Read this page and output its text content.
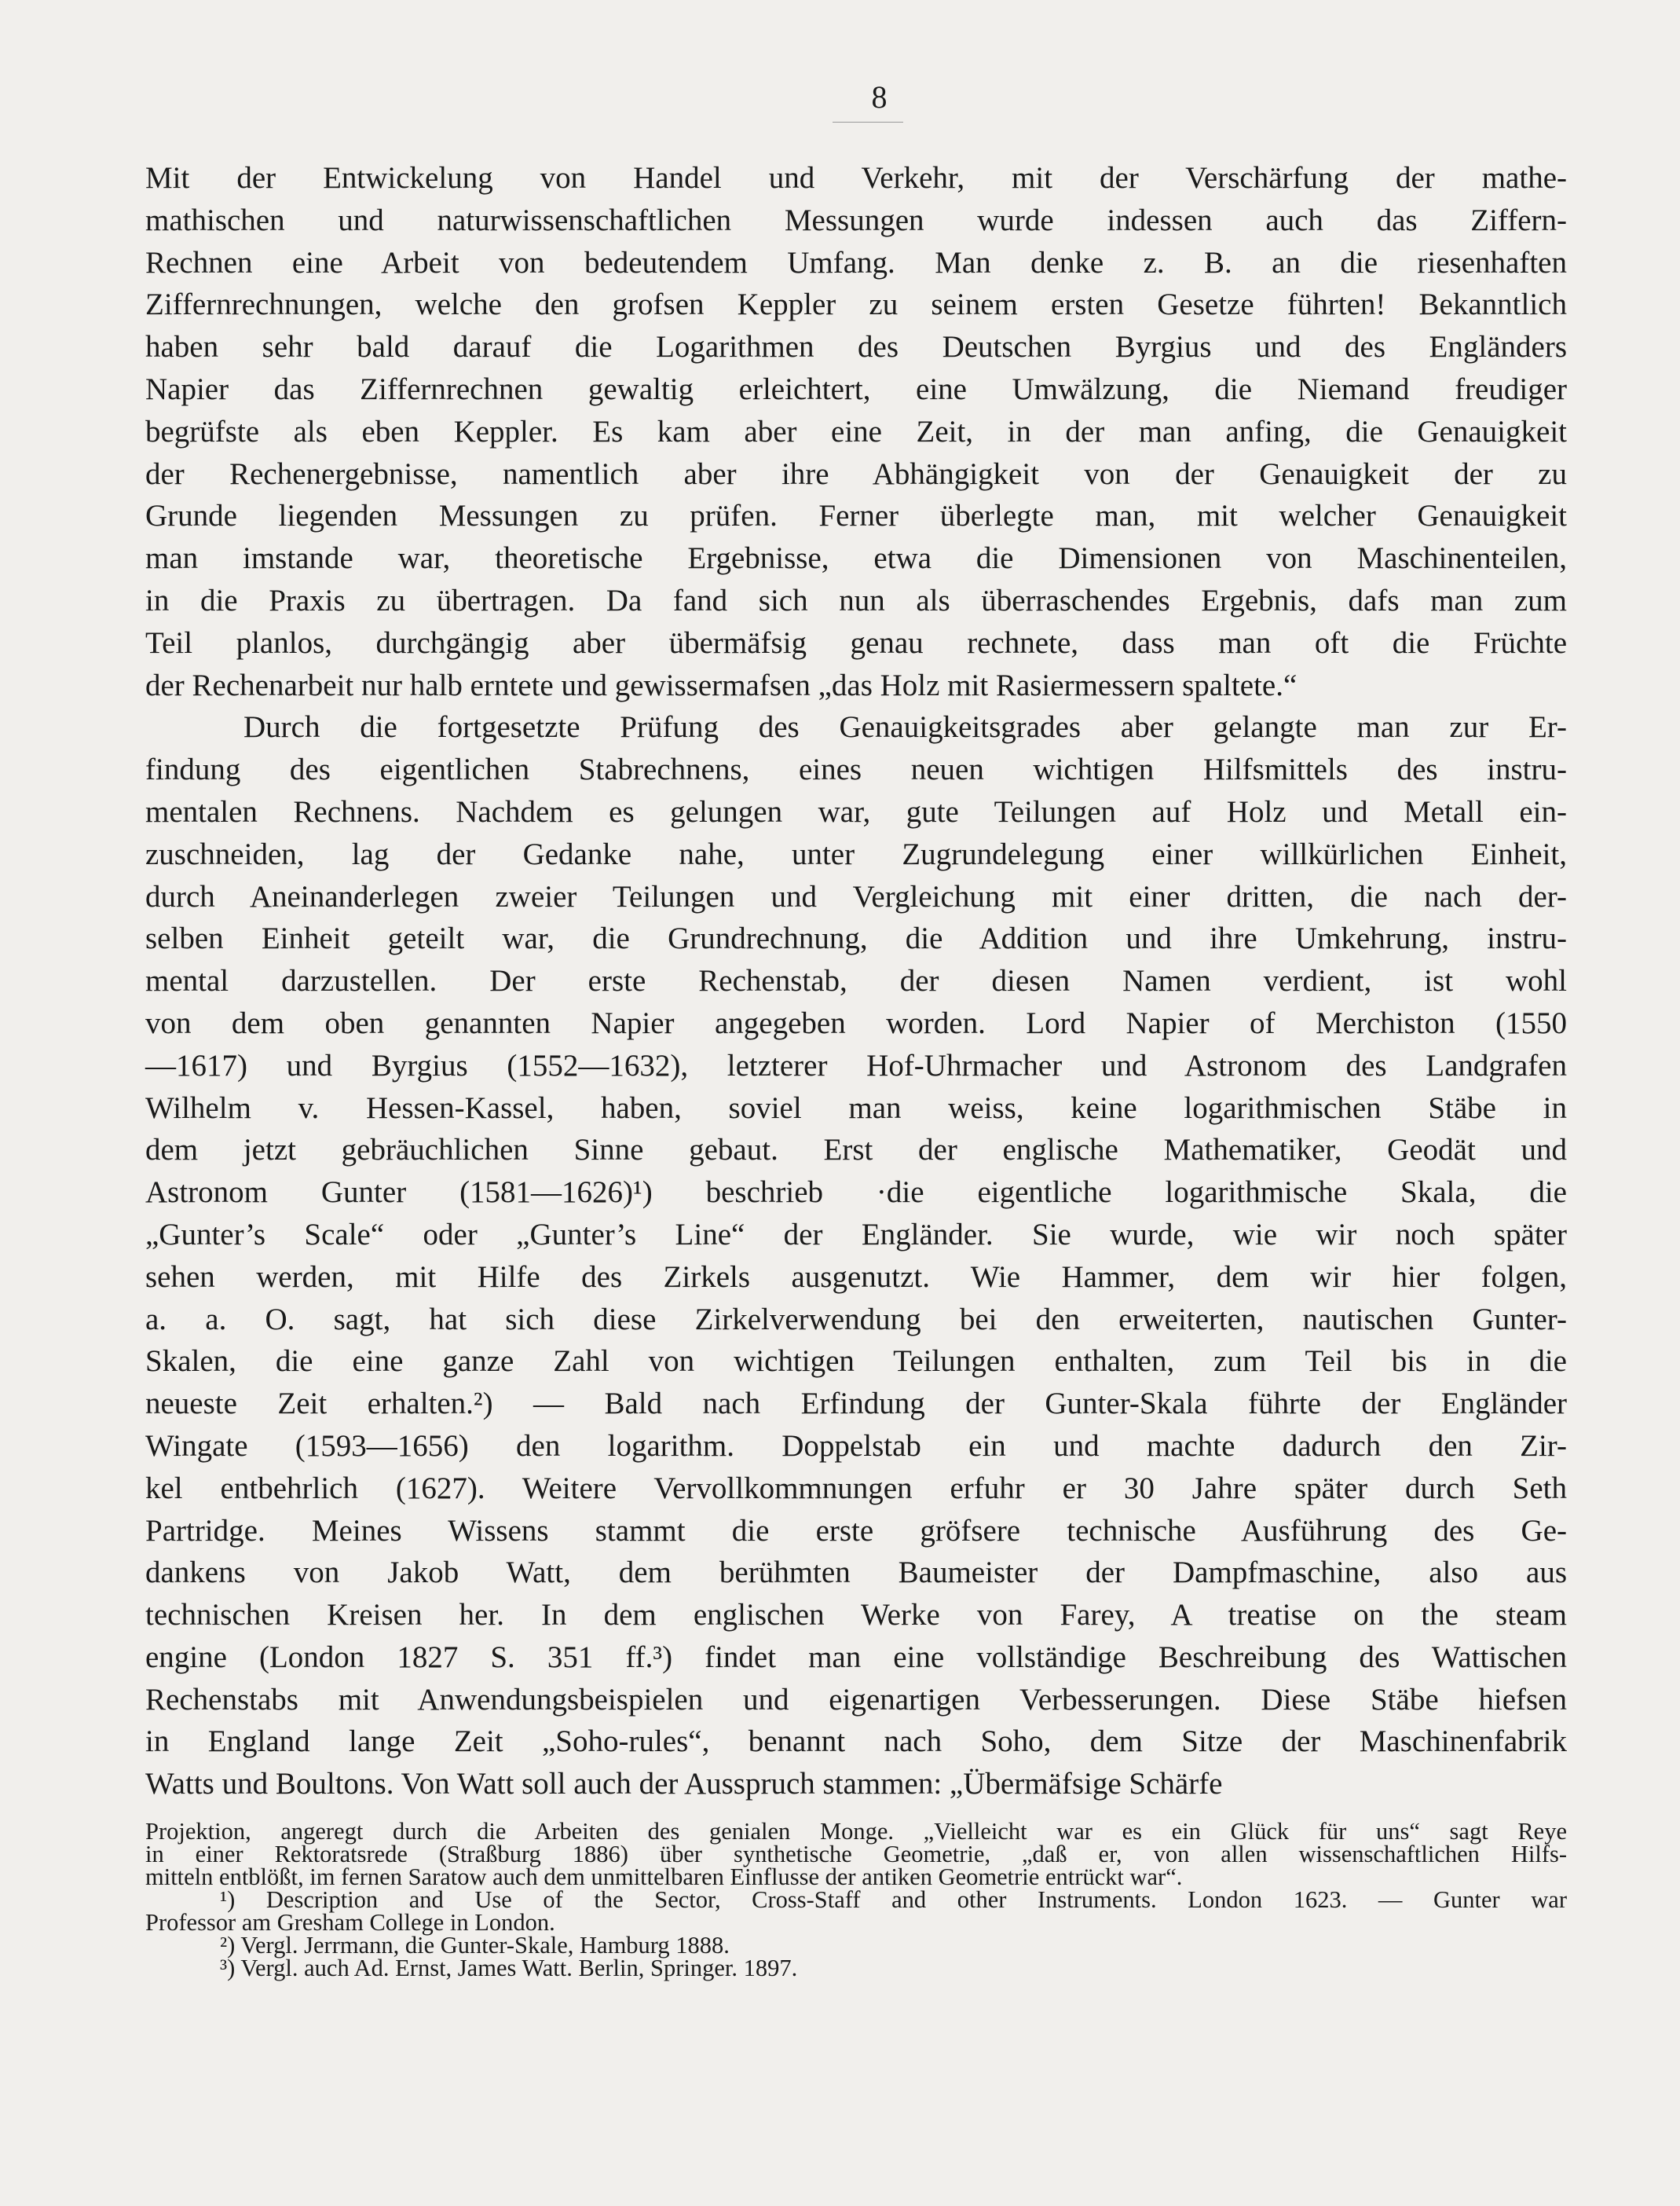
8
Mit der Entwickelung von Handel und Verkehr, mit der Verschärfung der mathe-
mathischen und naturwissenschaftlichen Messungen wurde indessen auch das Ziffern-
Rechnen eine Arbeit von bedeutendem Umfang. Man denke z. B. an die riesenhaften
Ziffernrechnungen, welche den grofsen Keppler zu seinem ersten Gesetze führten! Bekanntlich
haben sehr bald darauf die Logarithmen des Deutschen Byrgius und des Engländers
Napier das Ziffernrechnen gewaltig erleichtert, eine Umwälzung, die Niemand freudiger
begrüfste als eben Keppler. Es kam aber eine Zeit, in der man anfing, die Genauigkeit
der Rechenergebnisse, namentlich aber ihre Abhängigkeit von der Genauigkeit der zu
Grunde liegenden Messungen zu prüfen. Ferner überlegte man, mit welcher Genauigkeit
man imstande war, theoretische Ergebnisse, etwa die Dimensionen von Maschinenteilen,
in die Praxis zu übertragen. Da fand sich nun als überraschendes Ergebnis, dafs man zum
Teil planlos, durchgängig aber übermäfsig genau rechnete, dass man oft die Früchte
der Rechenarbeit nur halb erntete und gewissermafsen „das Holz mit Rasiermessern spaltete.“
Durch die fortgesetzte Prüfung des Genauigkeitsgrades aber gelangte man zur Er-
findung des eigentlichen Stabrechnens, eines neuen wichtigen Hilfsmittels des instru-
mentalen Rechnens. Nachdem es gelungen war, gute Teilungen auf Holz und Metall ein-
zuschneiden, lag der Gedanke nahe, unter Zugrundelegung einer willkürlichen Einheit,
durch Aneinanderlegen zweier Teilungen und Vergleichung mit einer dritten, die nach der-
selben Einheit geteilt war, die Grundrechnung, die Addition und ihre Umkehrung, instru-
mental darzustellen. Der erste Rechenstab, der diesen Namen verdient, ist wohl
von dem oben genannten Napier angegeben worden. Lord Napier of Merchiston (1550
—1617) und Byrgius (1552—1632), letzterer Hof-Uhrmacher und Astronom des Landgrafen
Wilhelm v. Hessen-Kassel, haben, soviel man weiss, keine logarithmischen Stäbe in
dem jetzt gebräuchlichen Sinne gebaut. Erst der englische Mathematiker, Geodät und
Astronom Gunter (1581—1626)¹) beschrieb ·die eigentliche logarithmische Skala, die
„Gunter’s Scale“ oder „Gunter’s Line“ der Engländer. Sie wurde, wie wir noch später
sehen werden, mit Hilfe des Zirkels ausgenutzt. Wie Hammer, dem wir hier folgen,
a. a. O. sagt, hat sich diese Zirkelverwendung bei den erweiterten, nautischen Gunter-
Skalen, die eine ganze Zahl von wichtigen Teilungen enthalten, zum Teil bis in die
neueste Zeit erhalten.²) — Bald nach Erfindung der Gunter-Skala führte der Engländer
Wingate (1593—1656) den logarithm. Doppelstab ein und machte dadurch den Zir-
kel entbehrlich (1627). Weitere Vervollkommnungen erfuhr er 30 Jahre später durch Seth
Partridge. Meines Wissens stammt die erste gröfsere technische Ausführung des Ge-
dankens von Jakob Watt, dem berühmten Baumeister der Dampfmaschine, also aus
technischen Kreisen her. In dem englischen Werke von Farey, A treatise on the steam
engine (London 1827 S. 351 ff.³) findet man eine vollständige Beschreibung des Wattischen
Rechenstabs mit Anwendungsbeispielen und eigenartigen Verbesserungen. Diese Stäbe hiefsen
in England lange Zeit „Soho-rules“, benannt nach Soho, dem Sitze der Maschinenfabrik
Watts und Boultons. Von Watt soll auch der Ausspruch stammen: „Übermäfsige Schärfe
Projektion, angeregt durch die Arbeiten des genialen Monge. „Vielleicht war es ein Glück für uns“ sagt Reye
in einer Rektoratsrede (Straßburg 1886) über synthetische Geometrie, „daß er, von allen wissenschaftlichen Hilfs-
mitteln entblößt, im fernen Saratow auch dem unmittelbaren Einflusse der antiken Geometrie entrückt war“.
¹) Description and Use of the Sector, Cross-Staff and other Instruments. London 1623. — Gunter war
Professor am Gresham College in London.
²) Vergl. Jerrmann, die Gunter-Skale, Hamburg 1888.
³) Vergl. auch Ad. Ernst, James Watt. Berlin, Springer. 1897.
